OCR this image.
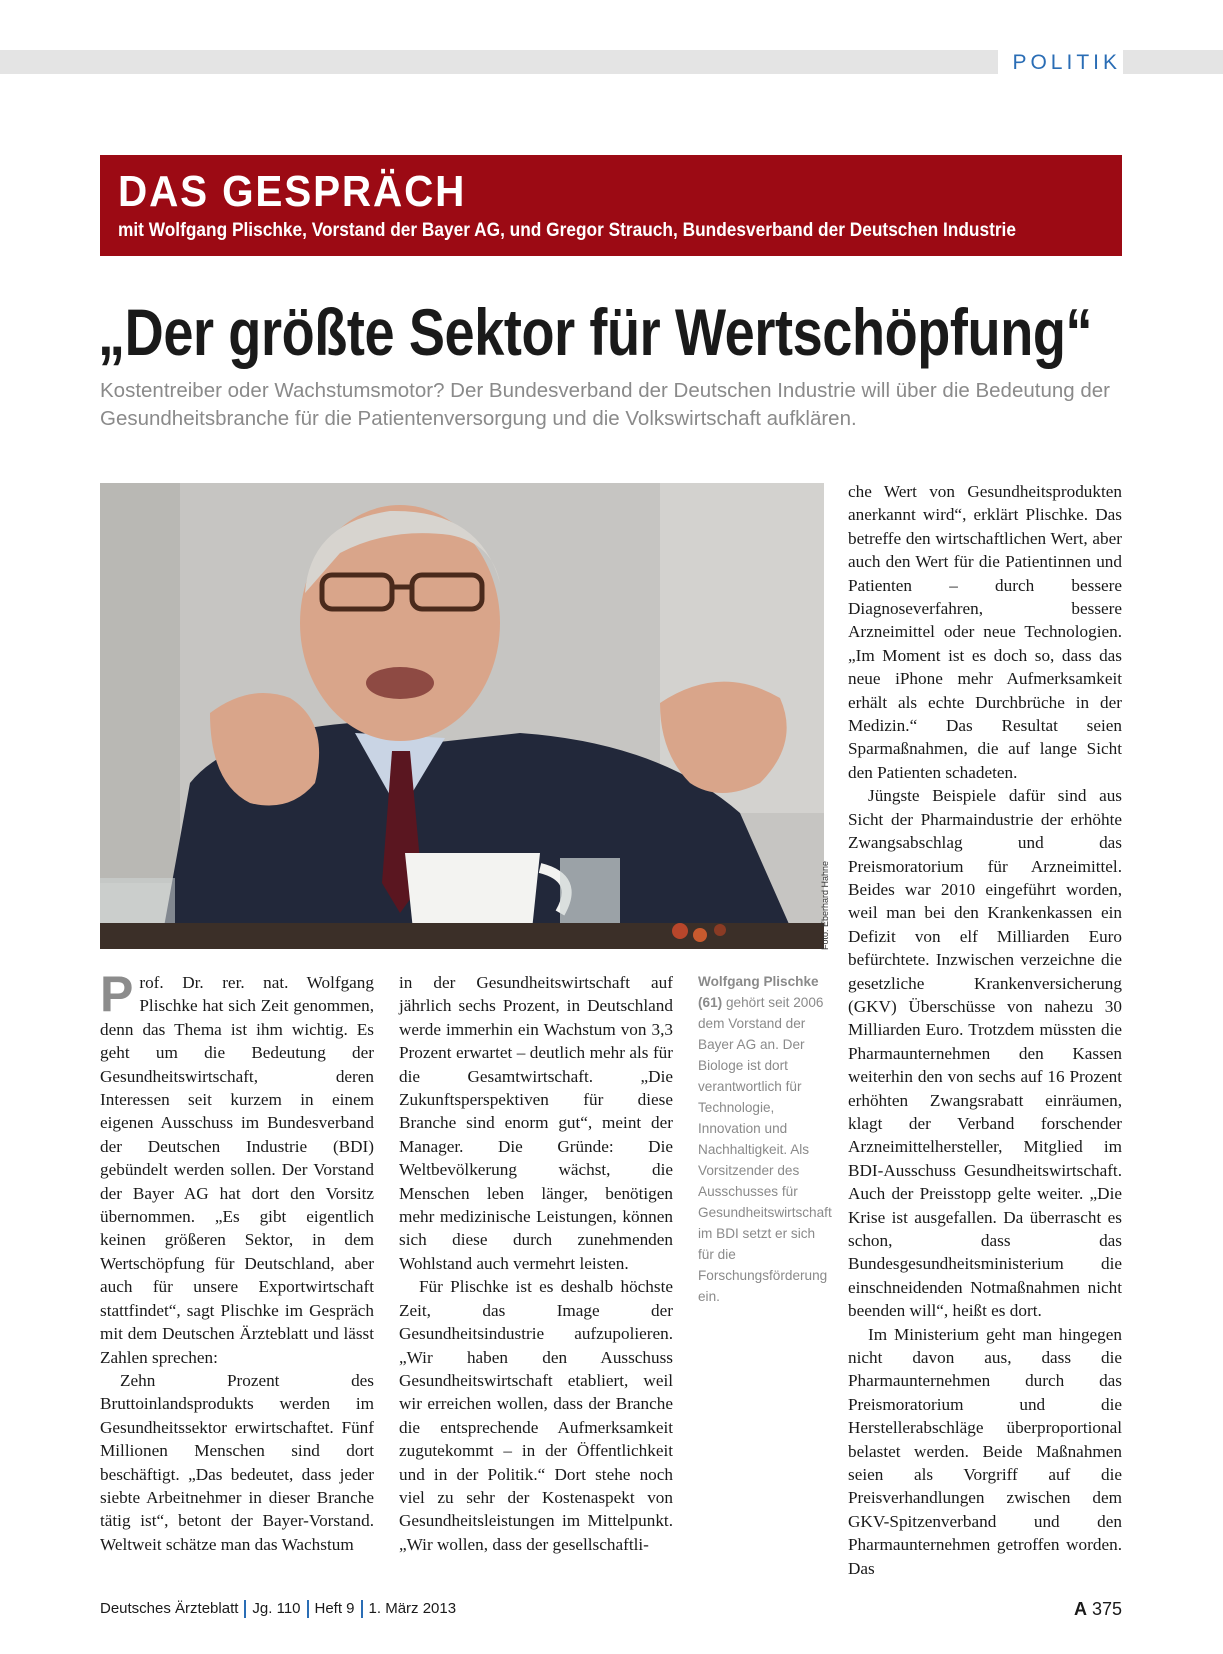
POLITIK
DAS GESPRÄCH
mit Wolfgang Plischke, Vorstand der Bayer AG, und Gregor Strauch, Bundesverband der Deutschen Industrie
„Der größte Sektor für Wertschöpfung“

Kostentreiber oder Wachstumsmotor? Der Bundesverband der Deutschen Industrie will über die Bedeutung der Gesundheitsbranche für die Patientenversorgung und die Volkswirtschaft aufklären.

Foto: Eberhard Hahne

Prof. Dr. rer. nat. Wolfgang Plischke hat sich Zeit genommen, denn das Thema ist ihm wichtig. Es geht um die Bedeutung der Gesundheitswirtschaft, deren Interessen seit kurzem in einem eigenen Ausschuss im Bundesverband der Deutschen Industrie (BDI) gebündelt werden sollen. Der Vorstand der Bayer AG hat dort den Vorsitz übernommen. „Es gibt eigentlich keinen größeren Sektor, in dem Wertschöpfung für Deutschland, aber auch für unsere Exportwirtschaft stattfindet“, sagt Plischke im Gespräch mit dem Deutschen Ärzteblatt und lässt Zahlen sprechen:

Zehn Prozent des Bruttoinlandsprodukts werden im Gesundheitssektor erwirtschaftet. Fünf Millionen Menschen sind dort beschäftigt. „Das bedeutet, dass jeder siebte Arbeitnehmer in dieser Branche tätig ist“, betont der Bayer-Vorstand. Weltweit schätze man das Wachstum

in der Gesundheitswirtschaft auf jährlich sechs Prozent, in Deutschland werde immerhin ein Wachstum von 3,3 Prozent erwartet – deutlich mehr als für die Gesamtwirtschaft. „Die Zukunftsperspektiven für diese Branche sind enorm gut“, meint der Manager. Die Gründe: Die Weltbevölkerung wächst, die Menschen leben länger, benötigen mehr medizinische Leistungen, können sich diese durch zunehmenden Wohlstand auch vermehrt leisten.

Für Plischke ist es deshalb höchste Zeit, das Image der Gesundheitsindustrie aufzupolieren. „Wir haben den Ausschuss Gesundheitswirtschaft etabliert, weil wir erreichen wollen, dass der Branche die entsprechende Aufmerksamkeit zugutekommt – in der Öffentlichkeit und in der Politik.“ Dort stehe noch viel zu sehr der Kostenaspekt von Gesundheitsleistungen im Mittelpunkt. „Wir wollen, dass der gesellschaftli-

Wolfgang Plischke (61) gehört seit 2006 dem Vorstand der Bayer AG an. Der Biologe ist dort verantwortlich für Technologie, Innovation und Nachhaltigkeit. Als Vorsitzender des Ausschusses für Gesundheitswirtschaft im BDI setzt er sich für die Forschungsförderung ein.

che Wert von Gesundheitsprodukten anerkannt wird“, erklärt Plischke. Das betreffe den wirtschaftlichen Wert, aber auch den Wert für die Patientinnen und Patienten – durch bessere Diagnoseverfahren, bessere Arzneimittel oder neue Technologien. „Im Moment ist es doch so, dass das neue iPhone mehr Aufmerksamkeit erhält als echte Durchbrüche in der Medizin.“ Das Resultat seien Sparmaßnahmen, die auf lange Sicht den Patienten schadeten.

Jüngste Beispiele dafür sind aus Sicht der Pharmaindustrie der erhöhte Zwangsabschlag und das Preismoratorium für Arzneimittel. Beides war 2010 eingeführt worden, weil man bei den Krankenkassen ein Defizit von elf Milliarden Euro befürchtete. Inzwischen verzeichne die gesetzliche Krankenversicherung (GKV) Überschüsse von nahezu 30 Milliarden Euro. Trotzdem müssten die Pharmaunternehmen den Kassen weiterhin den von sechs auf 16 Prozent erhöhten Zwangsrabatt einräumen, klagt der Verband forschender Arzneimittelhersteller, Mitglied im BDI-Ausschuss Gesundheitswirtschaft. Auch der Preisstopp gelte weiter. „Die Krise ist ausgefallen. Da überrascht es schon, dass das Bundesgesundheitsministerium die einschneidenden Notmaßnahmen nicht beenden will“, heißt es dort.

Im Ministerium geht man hingegen nicht davon aus, dass die Pharmaunternehmen durch das Preismoratorium und die Herstellerabschläge überproportional belastet werden. Beide Maßnahmen seien als Vorgriff auf die Preisverhandlungen zwischen dem GKV-Spitzenverband und den Pharmaunternehmen getroffen worden. Das

Deutsches Ärzteblatt Jg. 110 Heft 9 1. März 2013	A 375
